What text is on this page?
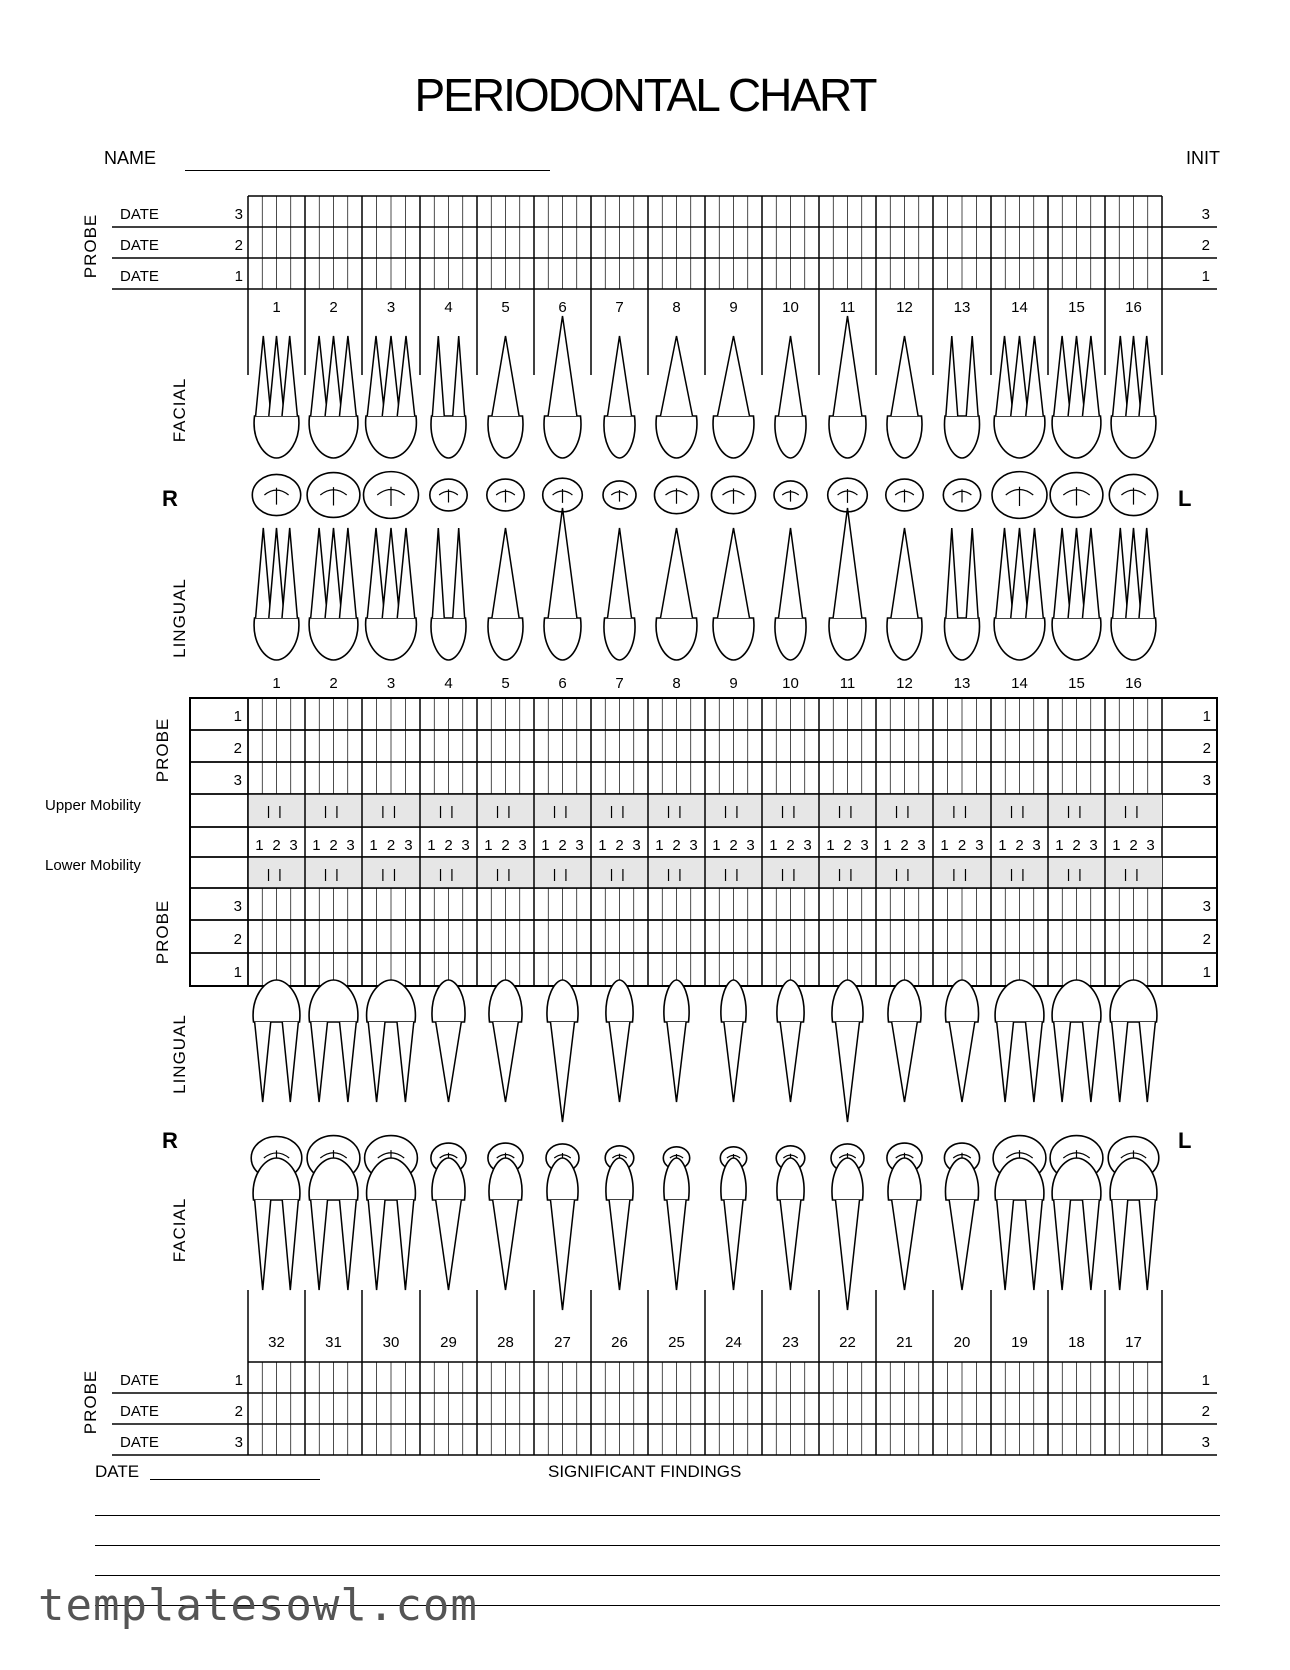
PERIODONTAL CHART
NAME	INIT
PROBE
FACIAL
LINGUAL
PROBE
PROBE
LINGUAL
FACIAL
PROBE
R	L
R	L
Upper Mobility
Lower Mobility
DATE	3	3
DATE	2	2
DATE	1	1
DATE	1	1
DATE	2	2
DATE	3	3
1	2	3	4	5	6	7	8	9	10	11	12	13	14	15	16
1	2	3	4	5	6	7	8	9	10	11	12	13	14	15	16
1 2 3 1 2 3 1 2 3 1 2 3 1 2 3 1 2 3 1 2 3 1 2 3 1 2 3 1 2 3 1 2 3 1 2 3 1 2 3 1 2 3 1 2 3 1 2 3
1	1
2	2
3	3
3	3
2	2
1	1
32	31	30	29	28	27	26	25	24	23	22	21	20	19	18	17
DATE	SIGNIFICANT FINDINGS
templatesowl.com
